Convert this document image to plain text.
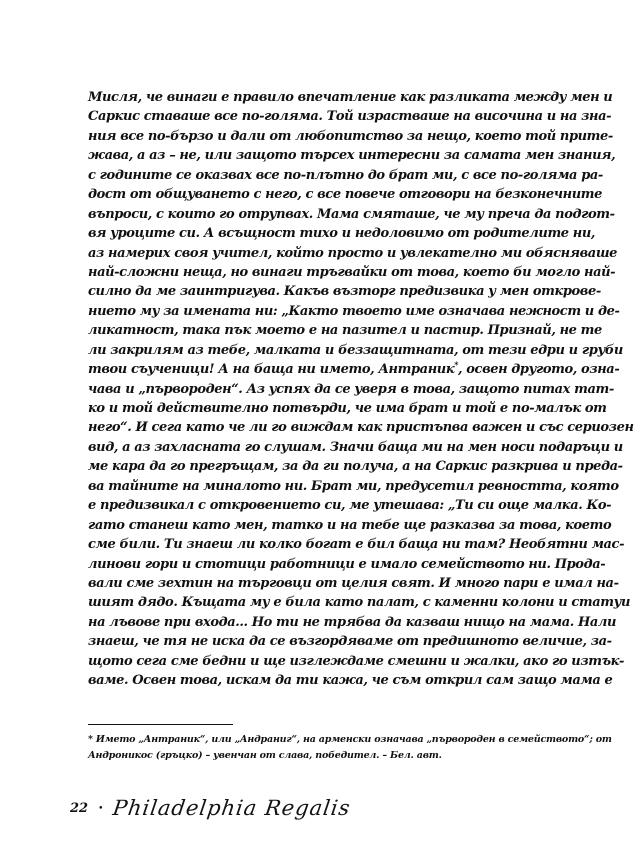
Мисля, че винаги е правило впечатление как разликата между мен и
Саркис ставаше все по-голяма. Той израстваше на височина и на зна-
ния все по-бързо и дали от любопитство за нещо, което той прите-
жава, а аз – не, или защото търсех интересни за самата мен знания,
с годините се оказвах все по-плътно до брат ми, с все по-голяма ра-
дост от общуването с него, с все повече отговори на безконечните
въпроси, с които го отрупвах. Мама смяташе, че му преча да подгот-
вя уроците си. А всъщност тихо и недоловимо от родителите ни,
аз намерих своя учител, който просто и увлекателно ми обясняваше
най-сложни неща, но винаги тръгвайки от това, което би могло най-
силно да ме заинтригува. Какъв възторг предизвика у мен открове-
нието му за имената ни: „Както твоето име означава нежност и де-
ликатност, така пък моето е на пазител и пастир. Признай, не те
ли закрилям аз тебе, малката и беззащитната, от тези едри и груби
твои съученици! А на баща ни името, Антраник*, освен другото, озна-
чава и „първороден“. Аз успях да се уверя в това, защото питах тат-
ко и той действително потвърди, че има брат и той е по-малък от
него“. И сега като че ли го виждам как пристъпва важен и със сериозен
вид, а аз захласната го слушам. Значи баща ми на мен носи подаръци и
ме кара да го прегръщам, за да ги получа, а на Саркис разкрива и преда-
ва тайните на миналото ни. Брат ми, предусетил ревността, която
е предизвикал с откровението си, ме утешава: „Ти си още малка. Ко-
гато станеш като мен, татко и на тебе ще разказва за това, което
сме били. Ти знаеш ли колко богат е бил баща ни там? Необятни мас-
линови гори и стотици работници е имало семейството ни. Прода-
вали сме зехтин на търговци от целия свят. И много пари е имал на-
шият дядо. Къщата му е била като палат, с каменни колони и статуи
на лъвове при входа... Но ти не трябва да казваш нищо на мама. Нали
знаеш, че тя не иска да се възгордяваме от предишното величие, за-
щото сега сме бедни и ще изглеждаме смешни и жалки, ако го изтък-
ваме. Освен това, искам да ти кажа, че съм открил сам защо мама е
* Името „Антраник“, или „Андраниг“, на арменски означава „първороден в семейството“; от
Андроникос (гръцко) – увенчан от слава, победител. – Бел. авт.
22 • Philadelphia Regalis
